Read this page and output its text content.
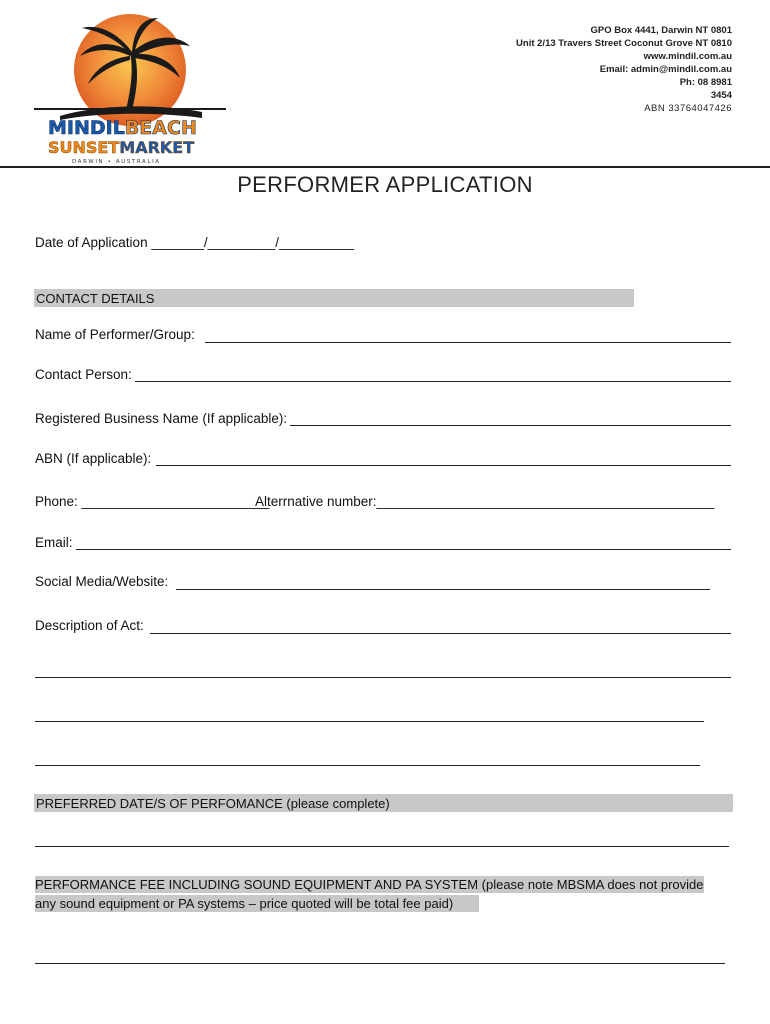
MINDILBEACH
SUNSETMARKET
DARWIN • AUSTRALIA
GPO Box 4441, Darwin NT 0801
Unit 2/13 Travers Street Coconut Grove NT 0810
www.mindil.com.au
Email: admin@mindil.com.au
Ph: 08 8981
3454
ABN 33764047426
PERFORMER APPLICATION
Date of Application _______/_________/__________
CONTACT DETAILS
Name of Performer/Group:
Contact Person:
Registered Business Name (If applicable):
ABN (If applicable):
Phone: _________________________
Alterrnative number:_____________________________________________
Email:
Social Media/Website:
Description of Act:
PREFERRED DATE/S OF PERFOMANCE (please complete)
PERFORMANCE FEE INCLUDING SOUND EQUIPMENT AND PA SYSTEM (please note MBSMA does not provide
any sound equipment or PA systems – price quoted will be total fee paid)
